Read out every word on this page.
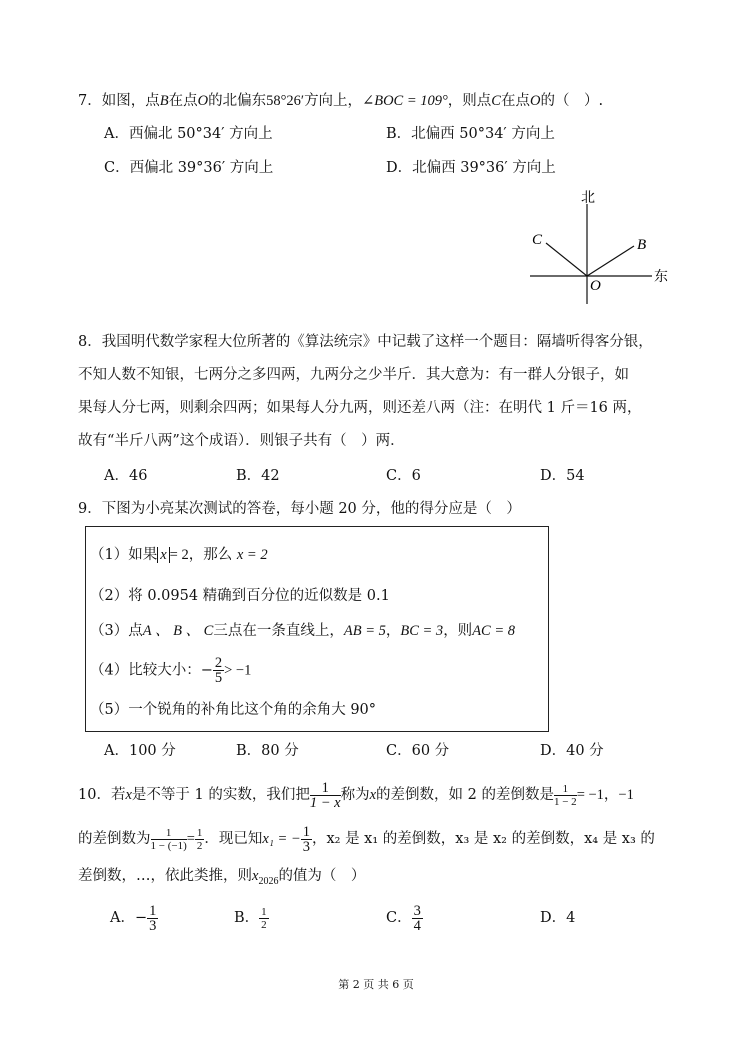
7．如图，点B在点O的北偏东58°26′方向上，∠BOC = 109°，则点C在点O的（　）.
A．西偏北 50°34′ 方向上	B．北偏西 50°34′ 方向上
C．西偏北 39°36′ 方向上	D．北偏西 39°36′ 方向上
北
东
B
C
O
8．我国明代数学家程大位所著的《算法统宗》中记载了这样一个题目：隔墙听得客分银，
不知人数不知银，七两分之多四两，九两分之少半斤．其大意为：有一群人分银子，如
果每人分七两，则剩余四两；如果每人分九两，则还差八两（注：在明代 1 斤＝16 两，
故有“半斤八两”这个成语）．则银子共有（　）两．
A．46	B．42	C．6	D．54
9．下图为小亮某次测试的答卷，每小题 20 分，他的得分应是（　）
（1）如果 x = 2，那么 x = 2
（2）将 0.0954 精确到百分位的近似数是 0.1
（3）点A 、 B 、 C三点在一条直线上，AB = 5，BC = 3，则AC = 8
（4）比较大小：− $\frac{2}{5} > -1$
（5）一个锐角的补角比这个角的余角大 90°
A．100 分	B．80 分	C．60 分	D．40 分
10．若x是不等于 1 的实数，我们把 $\frac{1}{1 - x}$ 称为x的差倒数，如 2 的差倒数是 $\frac{1}{1 - 2} = -1$，−1
的差倒数为 $\frac{1}{1 - (-1)} = \frac{1}{2}$ ．现已知x₁ = − $\frac{1}{3}$ ，x₂ 是 x₁ 的差倒数，x₃ 是 x₂ 的差倒数，x₄ 是 x₃ 的
差倒数，…，依此类推，则$x_{2026}$的值为（　）
A．− $\frac{1}{3}$	B． $\frac{1}{2}$	C． $\frac{3}{4}$	D．4
第 2 页 共 6 页
